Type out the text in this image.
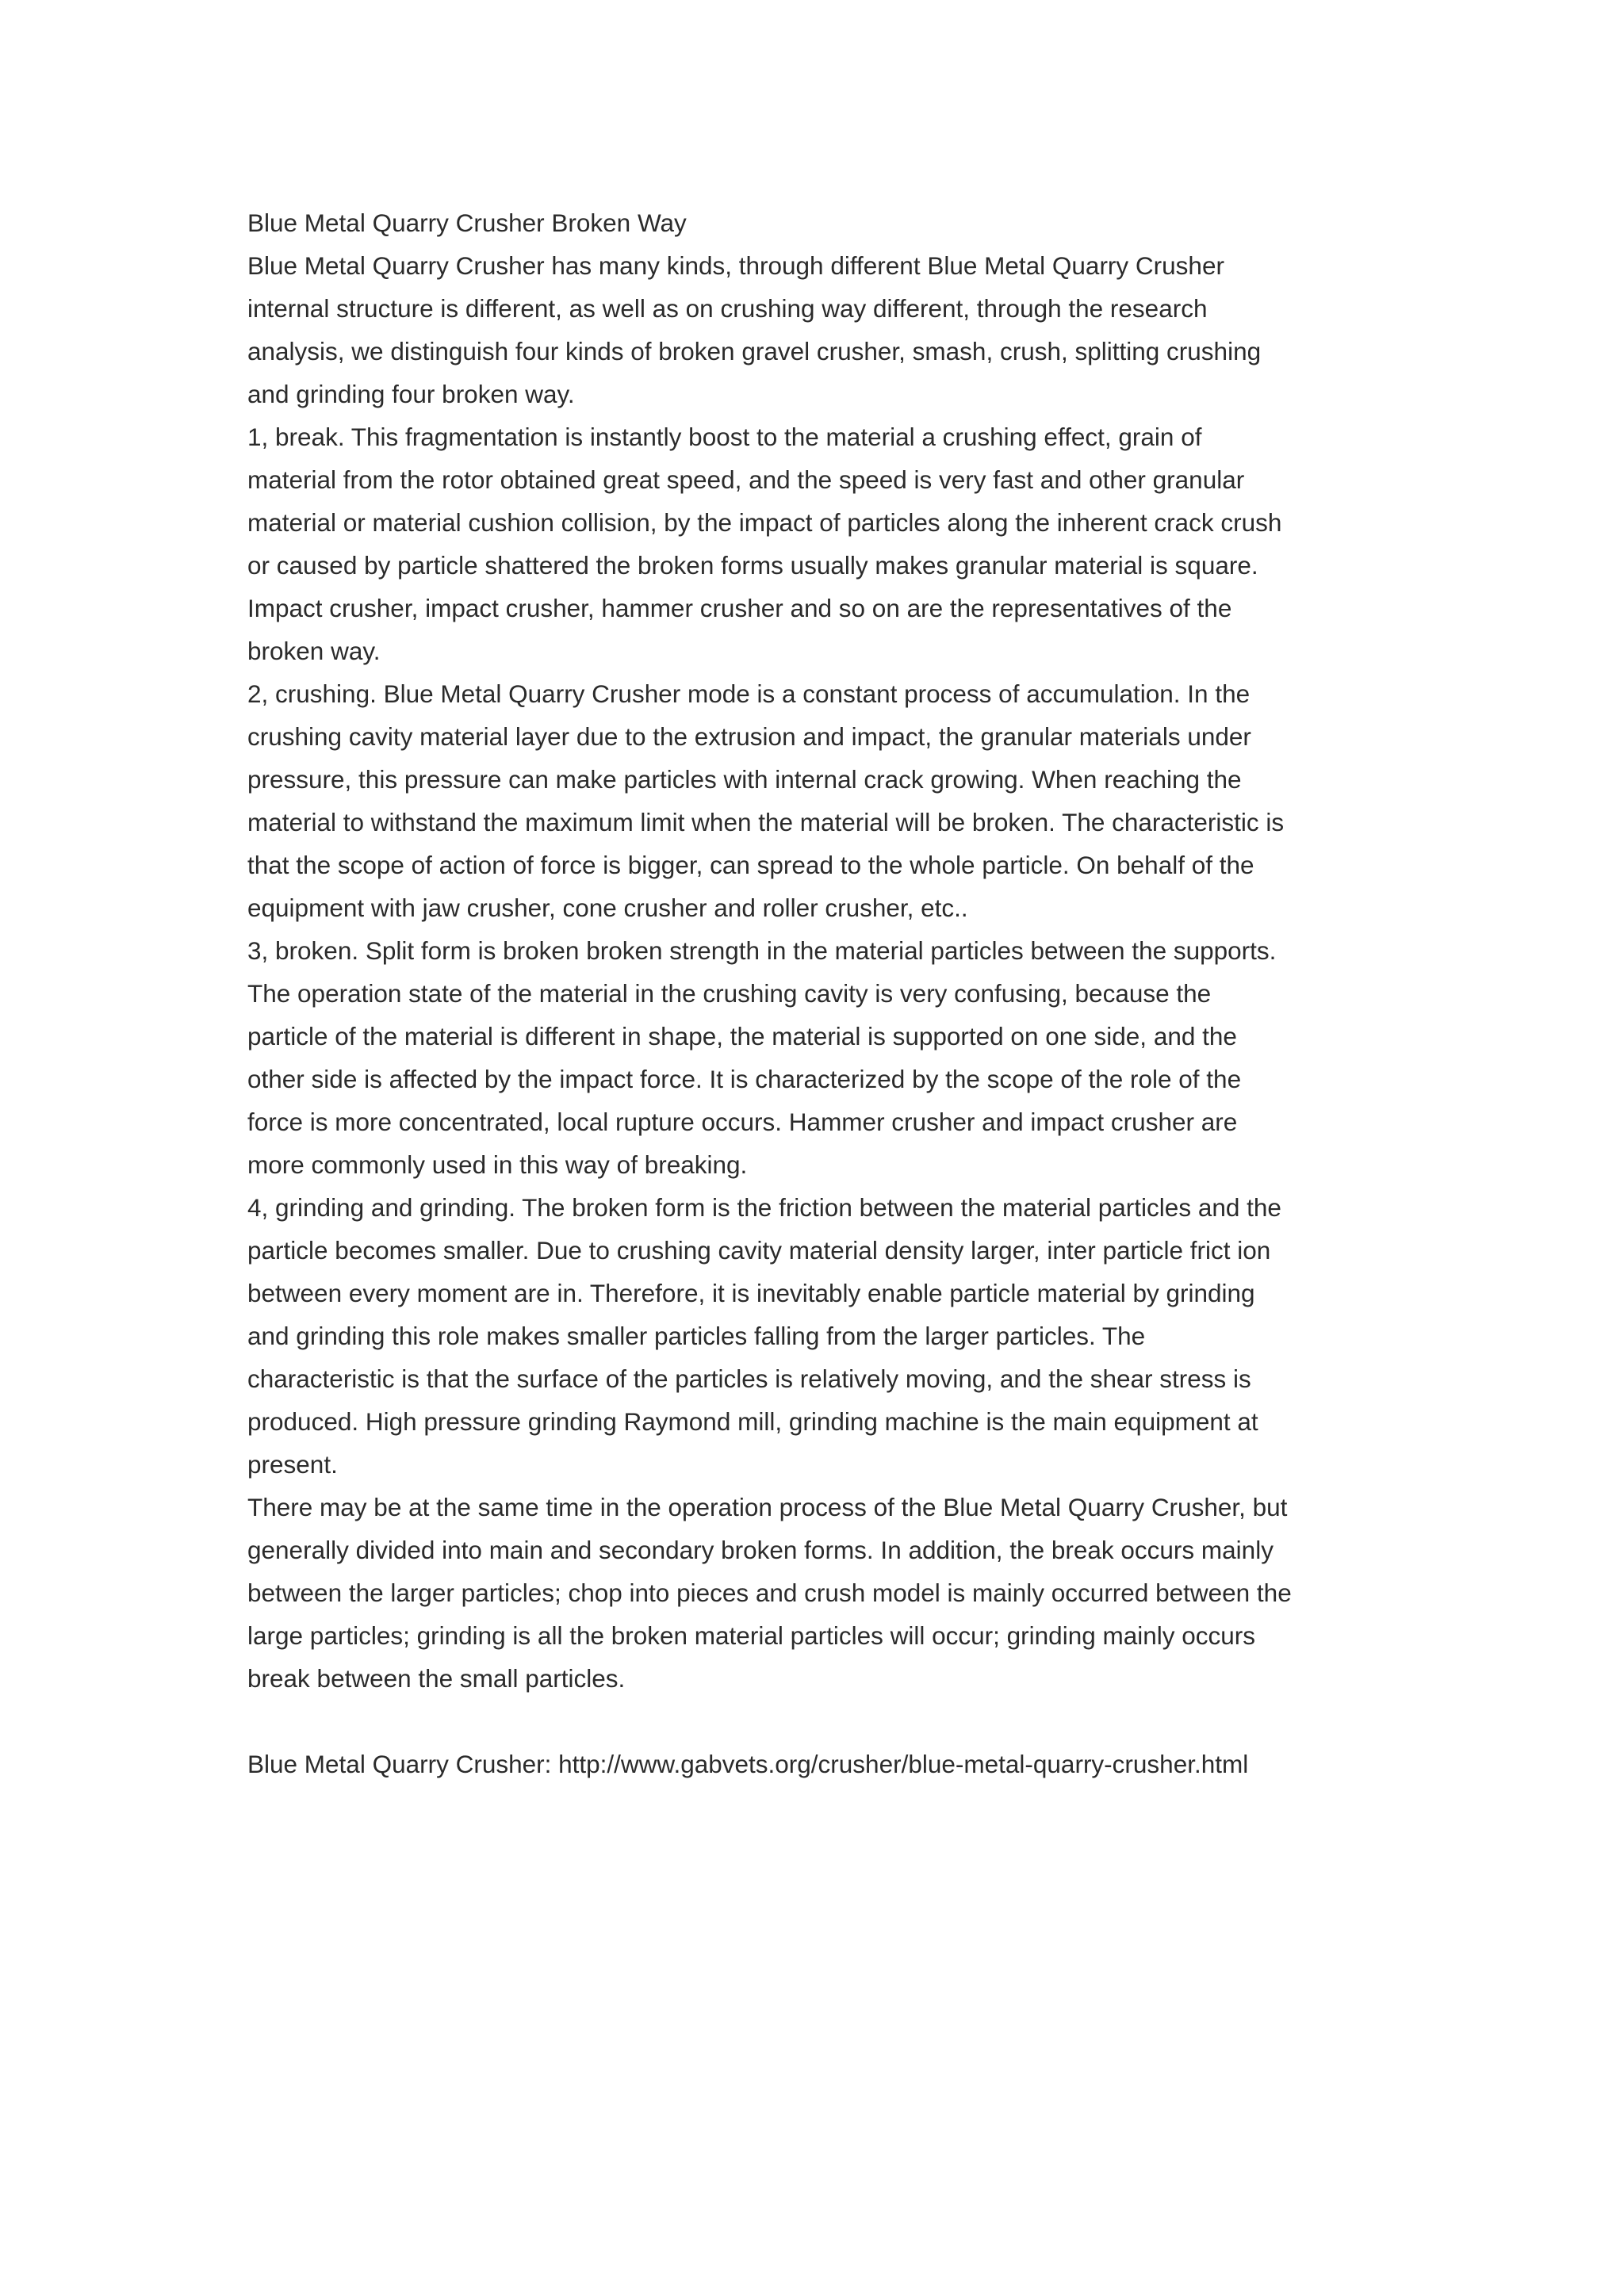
Blue Metal Quarry Crusher Broken Way

Blue Metal Quarry Crusher has many kinds, through different Blue Metal Quarry Crusher

internal structure is different, as well as on crushing way different, through the research

analysis, we distinguish four kinds of broken gravel crusher, smash, crush, splitting crushing

and grinding four broken way.

1, break. This fragmentation is instantly boost to the material a crushing effect, grain of

material from the rotor obtained great speed, and the speed is very fast and other granular

material or material cushion collision, by the impact of particles along the inherent crack crush

or caused by particle shattered the broken forms usually makes granular material is square.

Impact crusher, impact crusher, hammer crusher and so on are the representatives of the

broken way.

2, crushing. Blue Metal Quarry Crusher mode is a constant process of accumulation. In the

crushing cavity material layer due to the extrusion and impact, the granular materials under

pressure, this pressure can make particles with internal crack growing. When reaching the

material to withstand the maximum limit when the material will be broken. The characteristic is

that the scope of action of force is bigger, can spread to the whole particle. On behalf of the

equipment with jaw crusher, cone crusher and roller crusher, etc..

3, broken. Split form is broken broken strength in the material particles between the supports.

The operation state of the material in the crushing cavity is very confusing, because the

particle of the material is different in shape, the material is supported on one side, and the

other side is affected by the impact force. It is characterized by the scope of the role of the

force is more concentrated, local rupture occurs. Hammer crusher and impact crusher are

more commonly used in this way of breaking.

4, grinding and grinding. The broken form is the friction between the material particles and the

particle becomes smaller. Due to crushing cavity material density larger, inter particle frict ion

between every moment are in. Therefore, it is inevitably enable particle material by grinding

and grinding this role makes smaller particles falling from the larger particles. The

characteristic is that the surface of the particles is relatively moving, and the shear stress is

produced. High pressure grinding Raymond mill, grinding machine is the main equipment at

present.

There may be at the same time in the operation process of the Blue Metal Quarry Crusher, but

generally divided into main and secondary broken forms. In addition, the break occurs mainly

between the larger particles; chop into pieces and crush model is mainly occurred between the

large particles; grinding is all the broken material particles will occur; grinding mainly occurs

break between the small particles.

Blue Metal Quarry Crusher: http://www.gabvets.org/crusher/blue-metal-quarry-crusher.html
